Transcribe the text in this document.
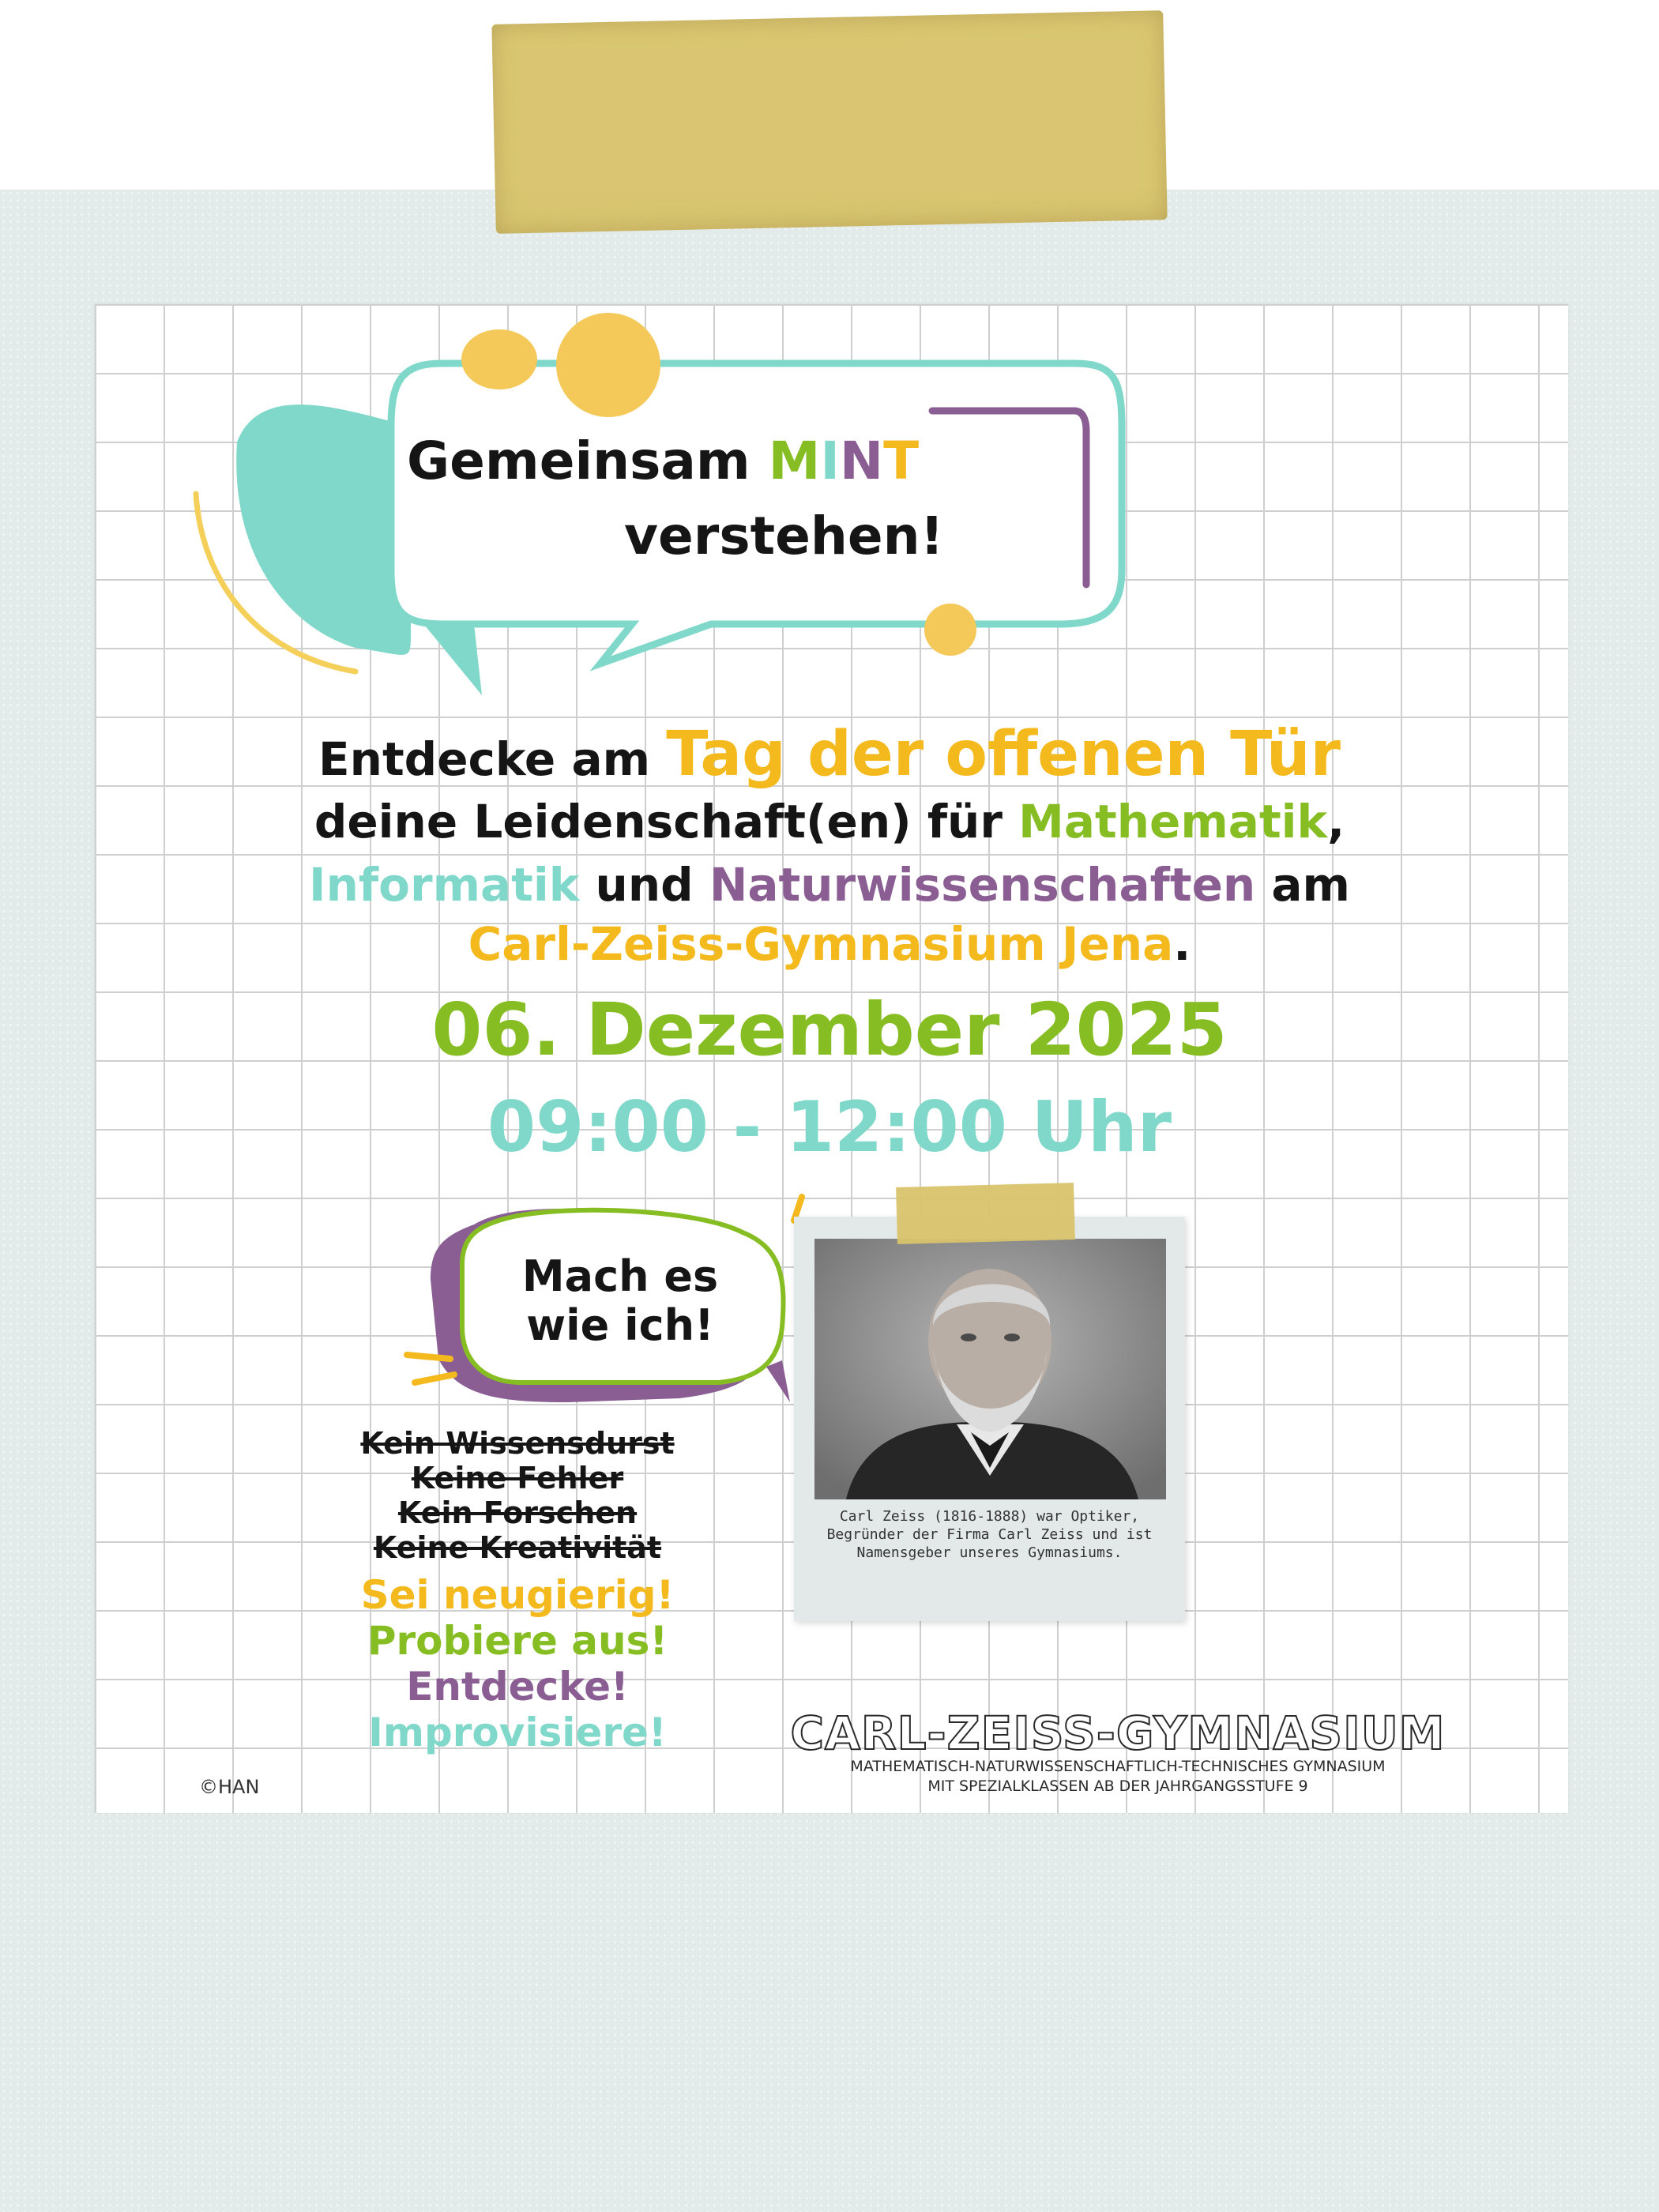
Gemeinsam MINT
verstehen!
Entdecke am Tag der offenen Tür
deine Leidenschaft(en) für Mathematik,
Informatik und Naturwissenschaften am
Carl-Zeiss-Gymnasium Jena.
06. Dezember 2025
09:00 - 12:00 Uhr
Mach es
wie ich!
Kein Wissensdurst
Keine Fehler
Kein Forschen
Keine Kreativität
Sei neugierig!
Probiere aus!
Entdecke!
Improvisiere!
Carl Zeiss (1816-1888) war Optiker, Begründer der Firma Carl Zeiss und ist Namensgeber unseres Gymnasiums.
CARL-ZEISS-GYMNASIUM
MATHEMATISCH-NATURWISSENSCHAFTLICH-TECHNISCHES GYMNASIUM
MIT SPEZIALKLASSEN AB DER JAHRGANGSSTUFE 9
©HAN
